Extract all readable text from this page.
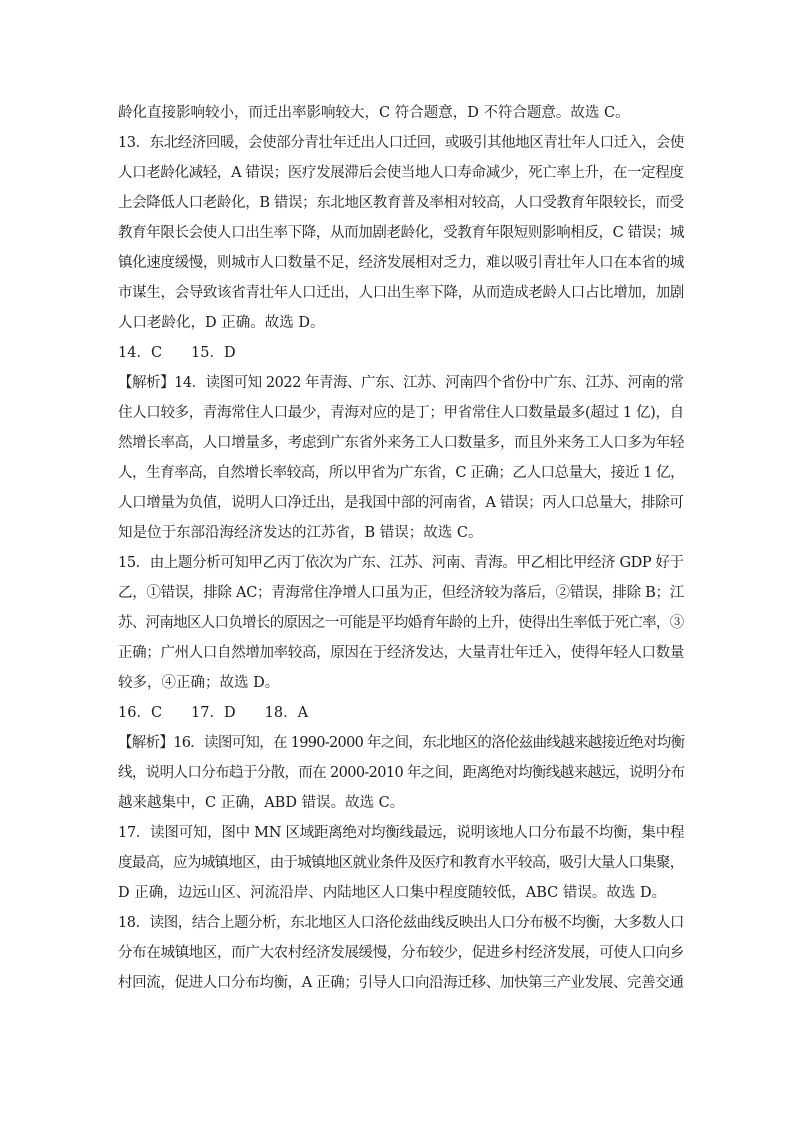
龄化直接影响较小，而迁出率影响较大，C 符合题意，D 不符合题意。故选 C。
13．东北经济回暖，会使部分青壮年迁出人口迁回，或吸引其他地区青壮年人口迁入，会使
人口老龄化减轻，A 错误；医疗发展滞后会使当地人口寿命减少，死亡率上升，在一定程度
上会降低人口老龄化，B 错误；东北地区教育普及率相对较高，人口受教育年限较长，而受
教育年限长会使人口出生率下降，从而加剧老龄化，受教育年限短则影响相反，C 错误；城
镇化速度缓慢，则城市人口数量不足，经济发展相对乏力，难以吸引青壮年人口在本省的城
市谋生，会导致该省青壮年人口迁出，人口出生率下降，从而造成老龄人口占比增加，加剧
人口老龄化，D 正确。故选 D。
14．C　　15．D
【解析】14．读图可知 2022 年青海、广东、江苏、河南四个省份中广东、江苏、河南的常
住人口较多，青海常住人口最少，青海对应的是丁；甲省常住人口数量最多(超过 1 亿)，自
然增长率高，人口增量多，考虑到广东省外来务工人口数量多，而且外来务工人口多为年轻
人，生育率高，自然增长率较高，所以甲省为广东省，C 正确；乙人口总量大，接近 1 亿，
人口增量为负值，说明人口净迁出，是我国中部的河南省，A 错误；丙人口总量大，排除可
知是位于东部沿海经济发达的江苏省，B 错误；故选 C。
15．由上题分析可知甲乙丙丁依次为广东、江苏、河南、青海。甲乙相比甲经济 GDP 好于
乙，①错误，排除 AC；青海常住净增人口虽为正，但经济较为落后，②错误，排除 B；江
苏、河南地区人口负增长的原因之一可能是平均婚育年龄的上升，使得出生率低于死亡率，③
正确；广州人口自然增加率较高，原因在于经济发达，大量青壮年迁入，使得年轻人口数量
较多，④正确；故选 D。
16．C　　17．D　　18．A
【解析】16．读图可知，在 1990-2000 年之间，东北地区的洛伦兹曲线越来越接近绝对均衡
线，说明人口分布趋于分散，而在 2000-2010 年之间，距离绝对均衡线越来越远，说明分布
越来越集中，C 正确，ABD 错误。故选 C。
17．读图可知，图中 MN 区域距离绝对均衡线最远，说明该地人口分布最不均衡，集中程
度最高，应为城镇地区，由于城镇地区就业条件及医疗和教育水平较高，吸引大量人口集聚，
D 正确，边远山区、河流沿岸、内陆地区人口集中程度随较低，ABC 错误。故选 D。
18．读图，结合上题分析，东北地区人口洛伦兹曲线反映出人口分布极不均衡，大多数人口
分布在城镇地区，而广大农村经济发展缓慢，分布较少，促进乡村经济发展，可使人口向乡
村回流，促进人口分布均衡，A 正确；引导人口向沿海迁移、加快第三产业发展、完善交通
